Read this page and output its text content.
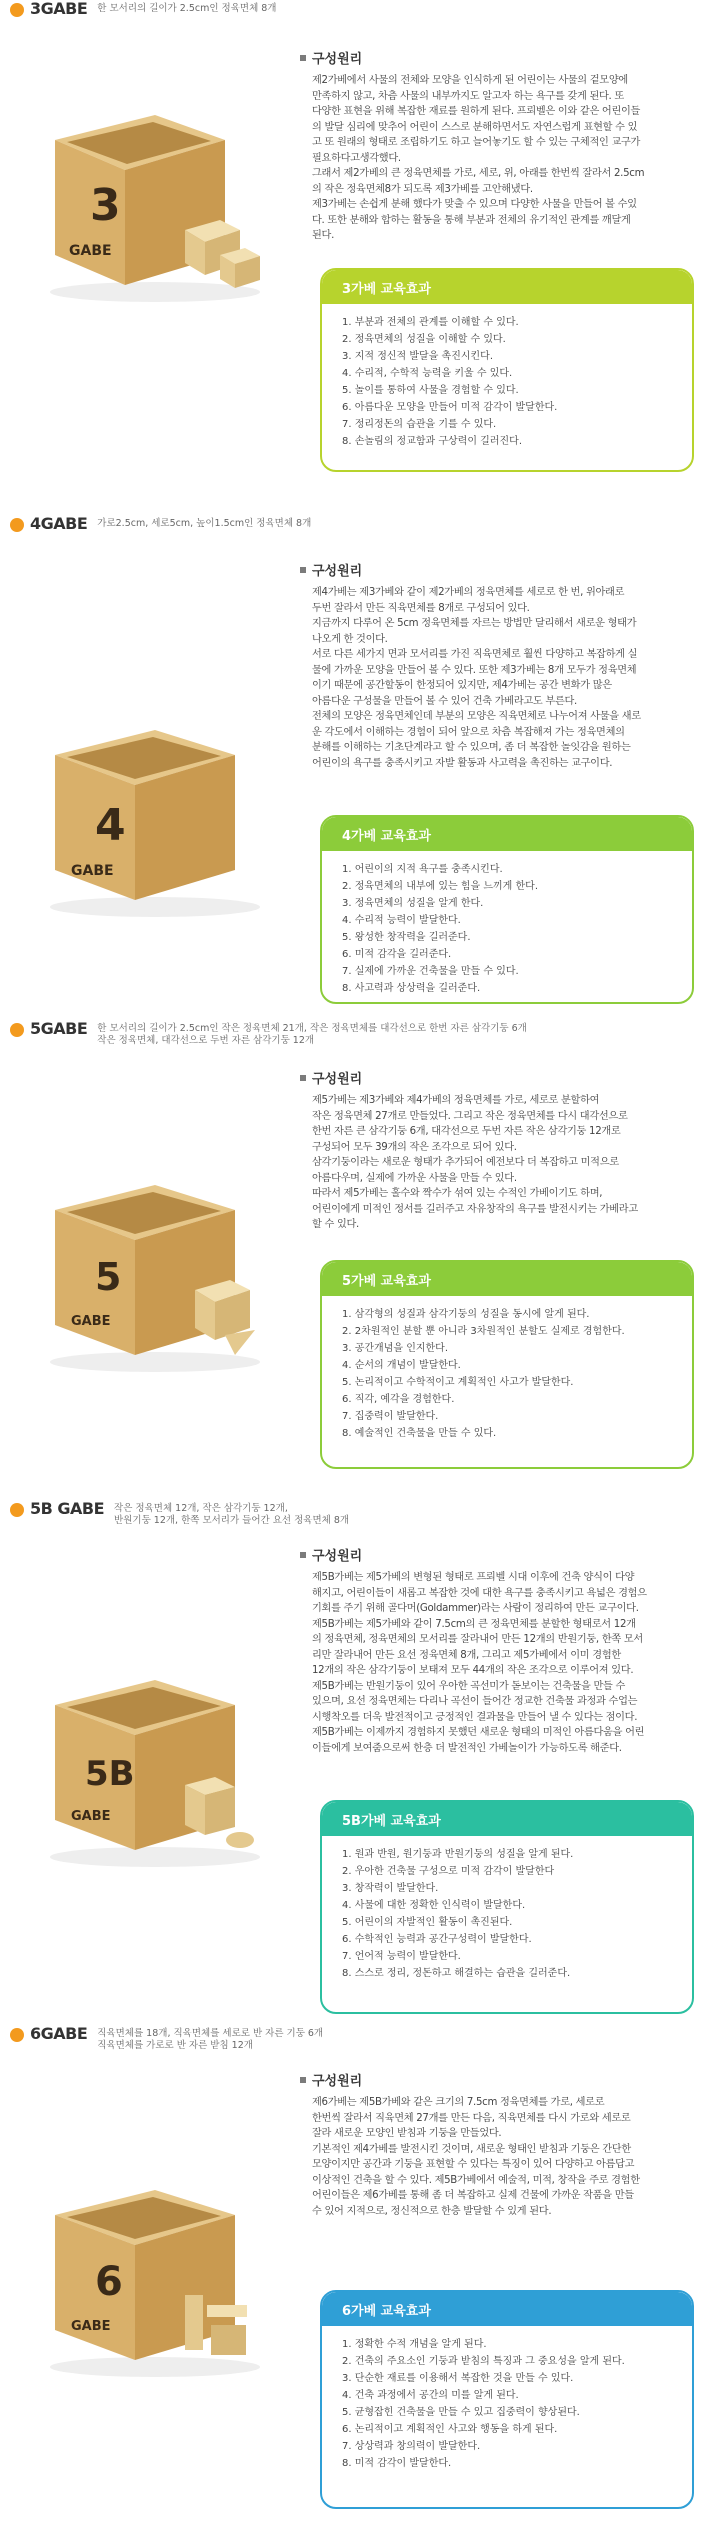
3GABE 한 모서리의 길이가 2.5cm인 정육면체 8개
3
GABE
구성원리
제2가베에서 사물의 전체와 모양을 인식하게 된 어린이는 사물의 겉모양에
만족하지 않고, 차츰 사물의 내부까지도 알고자 하는 욕구를 갖게 된다. 또
다양한 표현을 위해 복잡한 재료를 원하게 된다. 프뢰벨은 이와 같은 어린이들
의 발달 심리에 맞추어 어린이 스스로 분해하면서도 자연스럽게 표현할 수 있
고 또 원래의 형태로 조립하기도 하고 늘어놓기도 할 수 있는 구체적인 교구가
필요하다고생각했다.
그래서 제2가베의 큰 정육면체를 가로, 세로, 위, 아래를 한번씩 잘라서 2.5cm
의 작은 정육면체8가 되도록 제3가베를 고안해냈다.
제3가베는 손쉽게 분해 했다가 맞출 수 있으며 다양한 사물을 만들어 볼 수있
다. 또한 분해와 합하는 활동을 통해 부분과 전체의 유기적인 관계를 깨달게
된다.
3가베 교육효과
1. 부분과 전체의 관계를 이해할 수 있다.
2. 정육면체의 성질을 이해할 수 있다.
3. 지적 정신적 발달을 촉진시킨다.
4. 수리적, 수학적 능력을 키울 수 있다.
5. 놀이를 통하여 사물을 경험할 수 있다.
6. 아름다운 모양을 만들어 미적 감각이 발달한다.
7. 정리정돈의 습관을 기를 수 있다.
8. 손놀림의 정교함과 구상력이 길러진다.
4GABE 가로2.5cm, 세로5cm, 높이1.5cm인 정육면체 8개
4
GABE
구성원리
제4가베는 제3가베와 같이 제2가베의 정육면체를 세로로 한 번, 위아래로
두번 잘라서 만든 직육면체를 8개로 구성되어 있다.
지금까지 다루어 온 5cm 정육면체를 자르는 방법만 달리해서 새로운 형태가
나오게 한 것이다.
서로 다른 세가지 면과 모서리를 가진 직육면체로 훨씬 다양하고 복잡하게 실
물에 가까운 모양을 만들어 볼 수 있다. 또한 제3가베는 8개 모두가 정육면체
이기 때문에 공간할동이 한정되어 있지만, 제4가베는 공간 변화가 많은
아름다운 구성물을 만들어 볼 수 있어 건축 가베라고도 부른다.
전체의 모양은 정육면체인데 부분의 모양은 직육면체로 나누어져 사물을 새로
운 각도에서 이해하는 경험이 되어 앞으로 차츰 복잡해져 가는 정육면체의
분해를 이해하는 기초단계라고 할 수 있으며, 좀 더 복잡한 놀잇감을 원하는
어린이의 욕구를 충족시키고 자발 활동과 사고력을 촉진하는 교구이다.
4가베 교육효과
1. 어린이의 지적 욕구를 충족시킨다.
2. 정육면체의 내부에 있는 힘을 느끼게 한다.
3. 정육면체의 성질을 알게 한다.
4. 수리적 능력이 발달한다.
5. 왕성한 창작력을 길러준다.
6. 미적 감각을 길러준다.
7. 실제에 가까운 건축물을 만들 수 있다.
8. 사고력과 상상력을 길러준다.
5GABE 한 모서리의 길이가 2.5cm인 작은 정육면체 21개, 작은 정육면체를 대각선으로 한번 자른 삼각기둥 6개
작은 정육면체, 대각선으로 두번 자른 삼각기둥 12개
5
GABE
구성원리
제5가베는 제3가베와 제4가베의 정육면체를 가로, 세로로 분할하여
작은 정육면체 27개로 만들었다. 그리고 작은 정육면체를 다시 대각선으로
한번 자른 큰 삼각기둥 6개, 대각선으로 두번 자른 작은 삼각기둥 12개로
구성되어 모두 39개의 작은 조각으로 되어 있다.
삼각기둥이라는 새로운 형태가 추가되어 예전보다 더 복잡하고 미적으로
아름다우며, 실제에 가까운 사물을 만들 수 있다.
따라서 제5가베는 홀수와 짝수가 섞여 있는 수적인 가베이기도 하며,
어린이에게 미적인 정서를 길러주고 자유창작의 욕구를 발전시키는 가베라고
할 수 있다.
5가베 교육효과
1. 삼각형의 성질과 삼각기둥의 성질을 동시에 알게 된다.
2. 2차원적인 분할 뿐 아니라 3차원적인 분할도 실제로 경험한다.
3. 공간개념을 인지한다.
4. 순서의 개념이 발달한다.
5. 논리적이고 수학적이고 계획적인 사고가 발달한다.
6. 직각, 예각을 경험한다.
7. 집중력이 발달한다.
8. 예술적인 건축물을 만들 수 있다.
5B GABE 작은 정육면체 12개, 작은 삼각기둥 12개,
반원기둥 12개, 한쪽 모서리가 들어간 요선 정육면체 8개
5B
GABE
구성원리
제5B가베는 제5가베의 변형된 형태로 프뢰벨 시대 이후에 건축 양식이 다양
해지고, 어린이들이 새롭고 복잡한 것에 대한 욕구를 충족시키고 욕넓은 경험으
기회를 주기 위해 골다머(Goldammer)라는 사람이 정리하여 만든 교구이다.
제5B가베는 제5가베와 같이 7.5cm의 큰 정육면체를 분할한 형태로서 12개
의 정육면체, 정육면체의 모서리를 잘라내어 만든 12개의 반원기둥, 한쪽 모서
리만 잘라내어 만든 요선 정육면체 8개, 그리고 제5가베에서 이미 경험한
12개의 작은 삼각기둥이 보태져 모두 44개의 작은 조각으로 이루어져 있다.
제5B가베는 반원기둥이 있어 우아한 곡선미가 돋보이는 건축물을 만들 수
있으며, 요선 정육면체는 다리나 곡선이 들어간 정교한 건축물 과정과 수업는
시행착오를 더욱 발전적이고 긍정적인 결과물을 만들어 낼 수 있다는 점이다.
제5B가베는 이제까지 경험하지 못했던 새로운 형태의 미적인 아름다움을 어린
이들에게 보여줌으로써 한층 더 발전적인 가베놀이가 가능하도록 해준다.
5B가베 교육효과
1. 원과 반원, 원기둥과 반원기둥의 성질을 알게 된다.
2. 우아한 건축물 구성으로 미적 감각이 발달한다
3. 창작력이 발달한다.
4. 사물에 대한 정확한 인식력이 발달한다.
5. 어린이의 자발적인 활동이 촉진된다.
6. 수학적인 능력과 공간구성력이 발달한다.
7. 언어적 능력이 발달한다.
8. 스스로 정리, 정돈하고 해결하는 습관을 길러준다.
6GABE 직육면체를 18개, 직육면체를 세로로 반 자른 기둥 6개
직육면체를 가로로 반 자른 받침 12개
6
GABE
구성원리
제6가베는 제5B가베와 같은 크기의 7.5cm 정육면체를 가로, 세로로
한번씩 잘라서 직육면체 27개를 만든 다음, 직육면체를 다시 가로와 세로로
잘라 새로운 모양인 받침과 기둥을 만들었다.
기본적인 제4가베를 발전시킨 것이며, 새로운 형태인 받침과 기둥은 간단한
모양이지만 공간과 기둥을 표현할 수 있다는 특징이 있어 다양하고 아름답고
이상적인 건축을 할 수 있다. 제5B가베에서 예술적, 미적, 창작을 주로 경험한
어린이들은 제6가베를 통해 좀 더 복잡하고 실제 건물에 가까운 작품을 만들
수 있어 지적으로, 정신적으로 한층 발달할 수 있게 된다.
6가베 교육효과
1. 정확한 수적 개념을 알게 된다.
2. 건축의 주요소인 기둥과 받침의 특징과 그 중요성을 알게 된다.
3. 단순한 재료를 이용해서 복잡한 것을 만들 수 있다.
4. 건축 과정에서 공간의 미를 알게 된다.
5. 균형잡힌 건축물을 만들 수 있고 집중력이 향상된다.
6. 논리적이고 계획적인 사고와 행동을 하게 된다.
7. 상상력과 창의력이 발달한다.
8. 미적 감각이 발달한다.
